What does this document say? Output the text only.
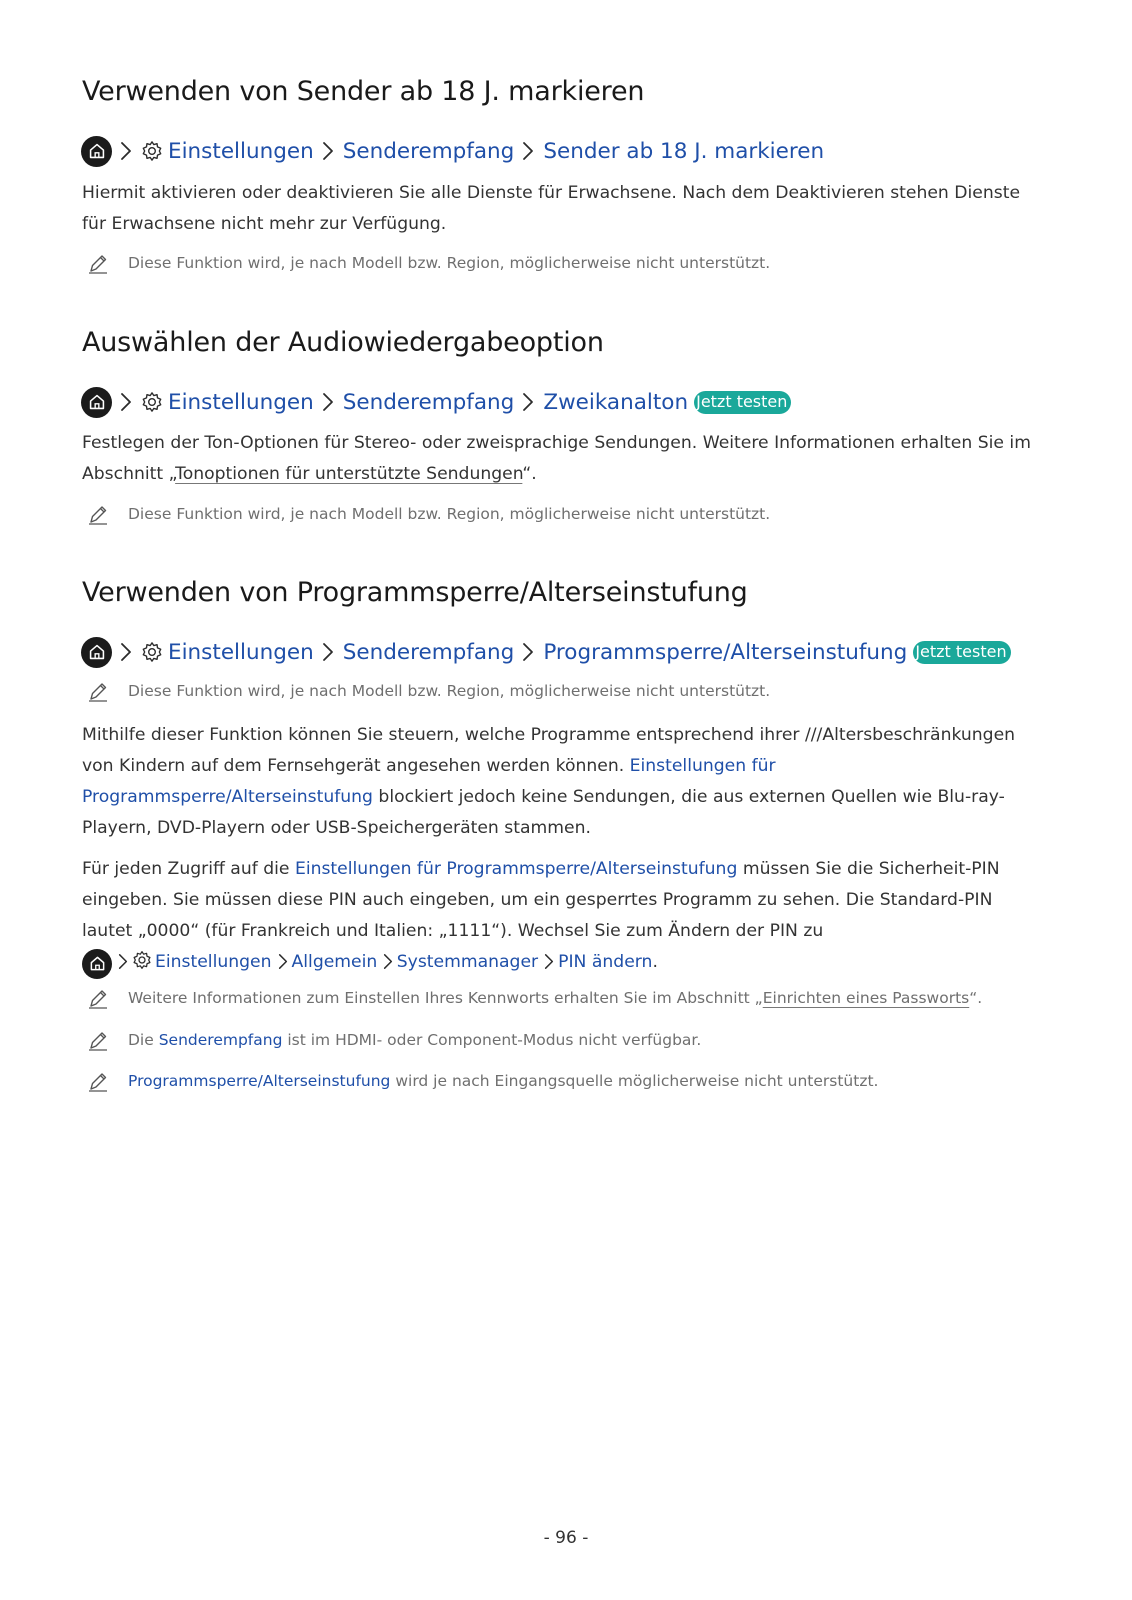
Verwenden von Sender ab 18 J. markieren
Einstellungen Senderempfang Sender ab 18 J. markieren

Hiermit aktivieren oder deaktivieren Sie alle Dienste für Erwachsene. Nach dem Deaktivieren stehen Dienste für Erwachsene nicht mehr zur Verfügung.

Diese Funktion wird, je nach Modell bzw. Region, möglicherweise nicht unterstützt.
Auswählen der Audiowiedergabeoption
Einstellungen Senderempfang Zweikanalton Jetzt testen

Festlegen der Ton-Optionen für Stereo- oder zweisprachige Sendungen. Weitere Informationen erhalten Sie im Abschnitt „Tonoptionen für unterstützte Sendungen“.

Diese Funktion wird, je nach Modell bzw. Region, möglicherweise nicht unterstützt.
Verwenden von Programmsperre/Alterseinstufung
Einstellungen Senderempfang Programmsperre/Alterseinstufung Jetzt testen
Diese Funktion wird, je nach Modell bzw. Region, möglicherweise nicht unterstützt.

Mithilfe dieser Funktion können Sie steuern, welche Programme entsprechend ihrer ///Altersbeschränkungen von Kindern auf dem Fernsehgerät angesehen werden können. Einstellungen für Programmsperre/Alterseinstufung blockiert jedoch keine Sendungen, die aus externen Quellen wie Blu-ray-Playern, DVD-Playern oder USB-Speichergeräten stammen.

Für jeden Zugriff auf die Einstellungen für Programmsperre/Alterseinstufung müssen Sie die Sicherheit-PIN eingeben. Sie müssen diese PIN auch eingeben, um ein gesperrtes Programm zu sehen. Die Standard-PIN lautet „0000“ (für Frankreich und Italien: „1111“). Wechsel Sie zum Ändern der PIN zu
Einstellungen Allgemein Systemmanager PIN ändern.

Weitere Informationen zum Einstellen Ihres Kennworts erhalten Sie im Abschnitt „Einrichten eines Passworts“.
Die Senderempfang ist im HDMI- oder Component-Modus nicht verfügbar.
Programmsperre/Alterseinstufung wird je nach Eingangsquelle möglicherweise nicht unterstützt.
- 96 -
